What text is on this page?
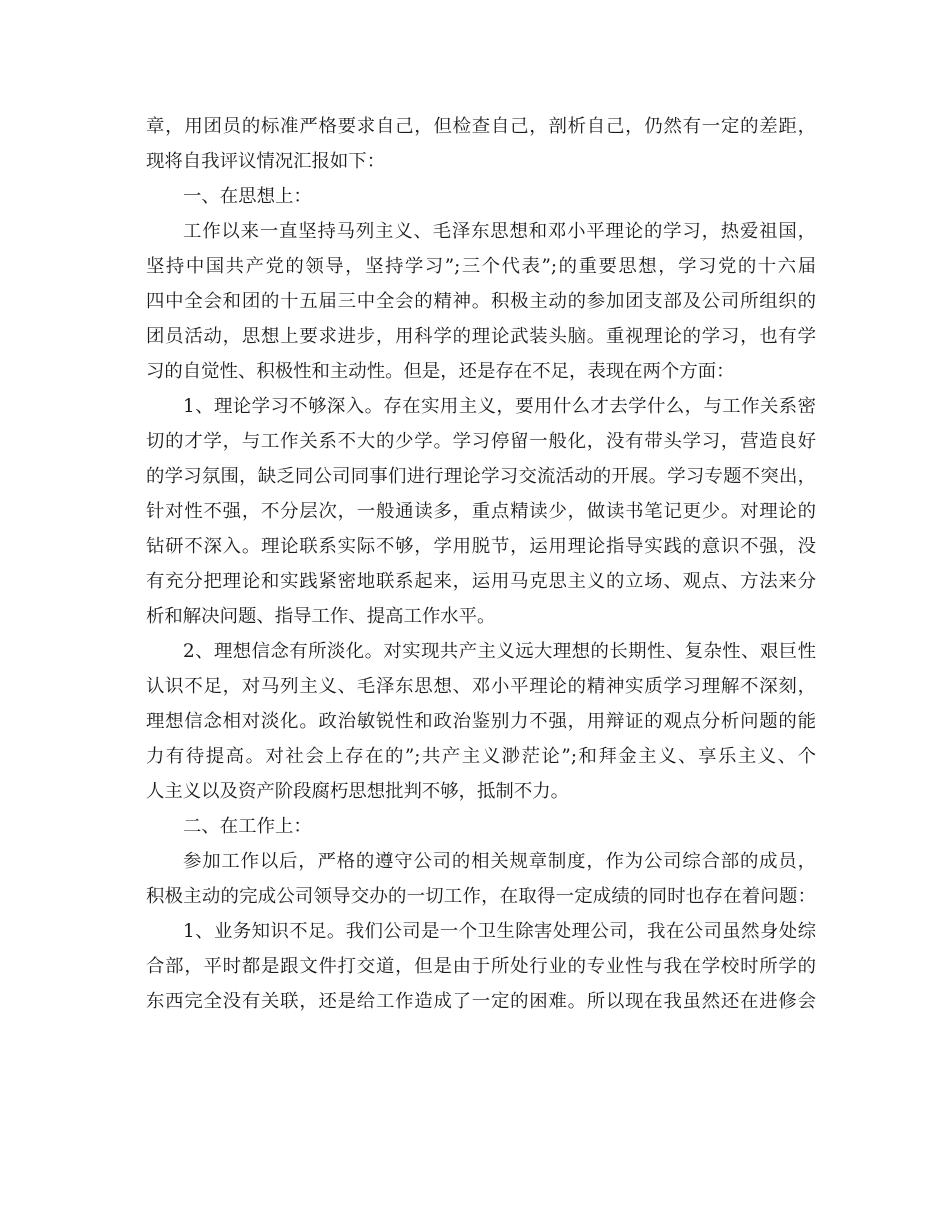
章，用团员的标准严格要求自己，但检查自己，剖析自己，仍然有一定的差距，
现将自我评议情况汇报如下：
一、在思想上：
工作以来一直坚持马列主义、毛泽东思想和邓小平理论的学习，热爱祖国，
坚持中国共产党的领导，坚持学习”;三个代表”;的重要思想，学习党的十六届
四中全会和团的十五届三中全会的精神。积极主动的参加团支部及公司所组织的
团员活动，思想上要求进步，用科学的理论武装头脑。重视理论的学习，也有学
习的自觉性、积极性和主动性。但是，还是存在不足，表现在两个方面：
1、理论学习不够深入。存在实用主义，要用什么才去学什么，与工作关系密
切的才学，与工作关系不大的少学。学习停留一般化，没有带头学习，营造良好
的学习氛围，缺乏同公司同事们进行理论学习交流活动的开展。学习专题不突出，
针对性不强，不分层次，一般通读多，重点精读少，做读书笔记更少。对理论的
钻研不深入。理论联系实际不够，学用脱节，运用理论指导实践的意识不强，没
有充分把理论和实践紧密地联系起来，运用马克思主义的立场、观点、方法来分
析和解决问题、指导工作、提高工作水平。
2、理想信念有所淡化。对实现共产主义远大理想的长期性、复杂性、艰巨性
认识不足，对马列主义、毛泽东思想、邓小平理论的精神实质学习理解不深刻，
理想信念相对淡化。政治敏锐性和政治鉴别力不强，用辩证的观点分析问题的能
力有待提高。对社会上存在的”;共产主义渺茫论”;和拜金主义、享乐主义、个
人主义以及资产阶段腐朽思想批判不够，抵制不力。
二、在工作上：
参加工作以后，严格的遵守公司的相关规章制度，作为公司综合部的成员，
积极主动的完成公司领导交办的一切工作，在取得一定成绩的同时也存在着问题：
1、业务知识不足。我们公司是一个卫生除害处理公司，我在公司虽然身处综
合部，平时都是跟文件打交道，但是由于所处行业的专业性与我在学校时所学的
东西完全没有关联，还是给工作造成了一定的困难。所以现在我虽然还在进修会
